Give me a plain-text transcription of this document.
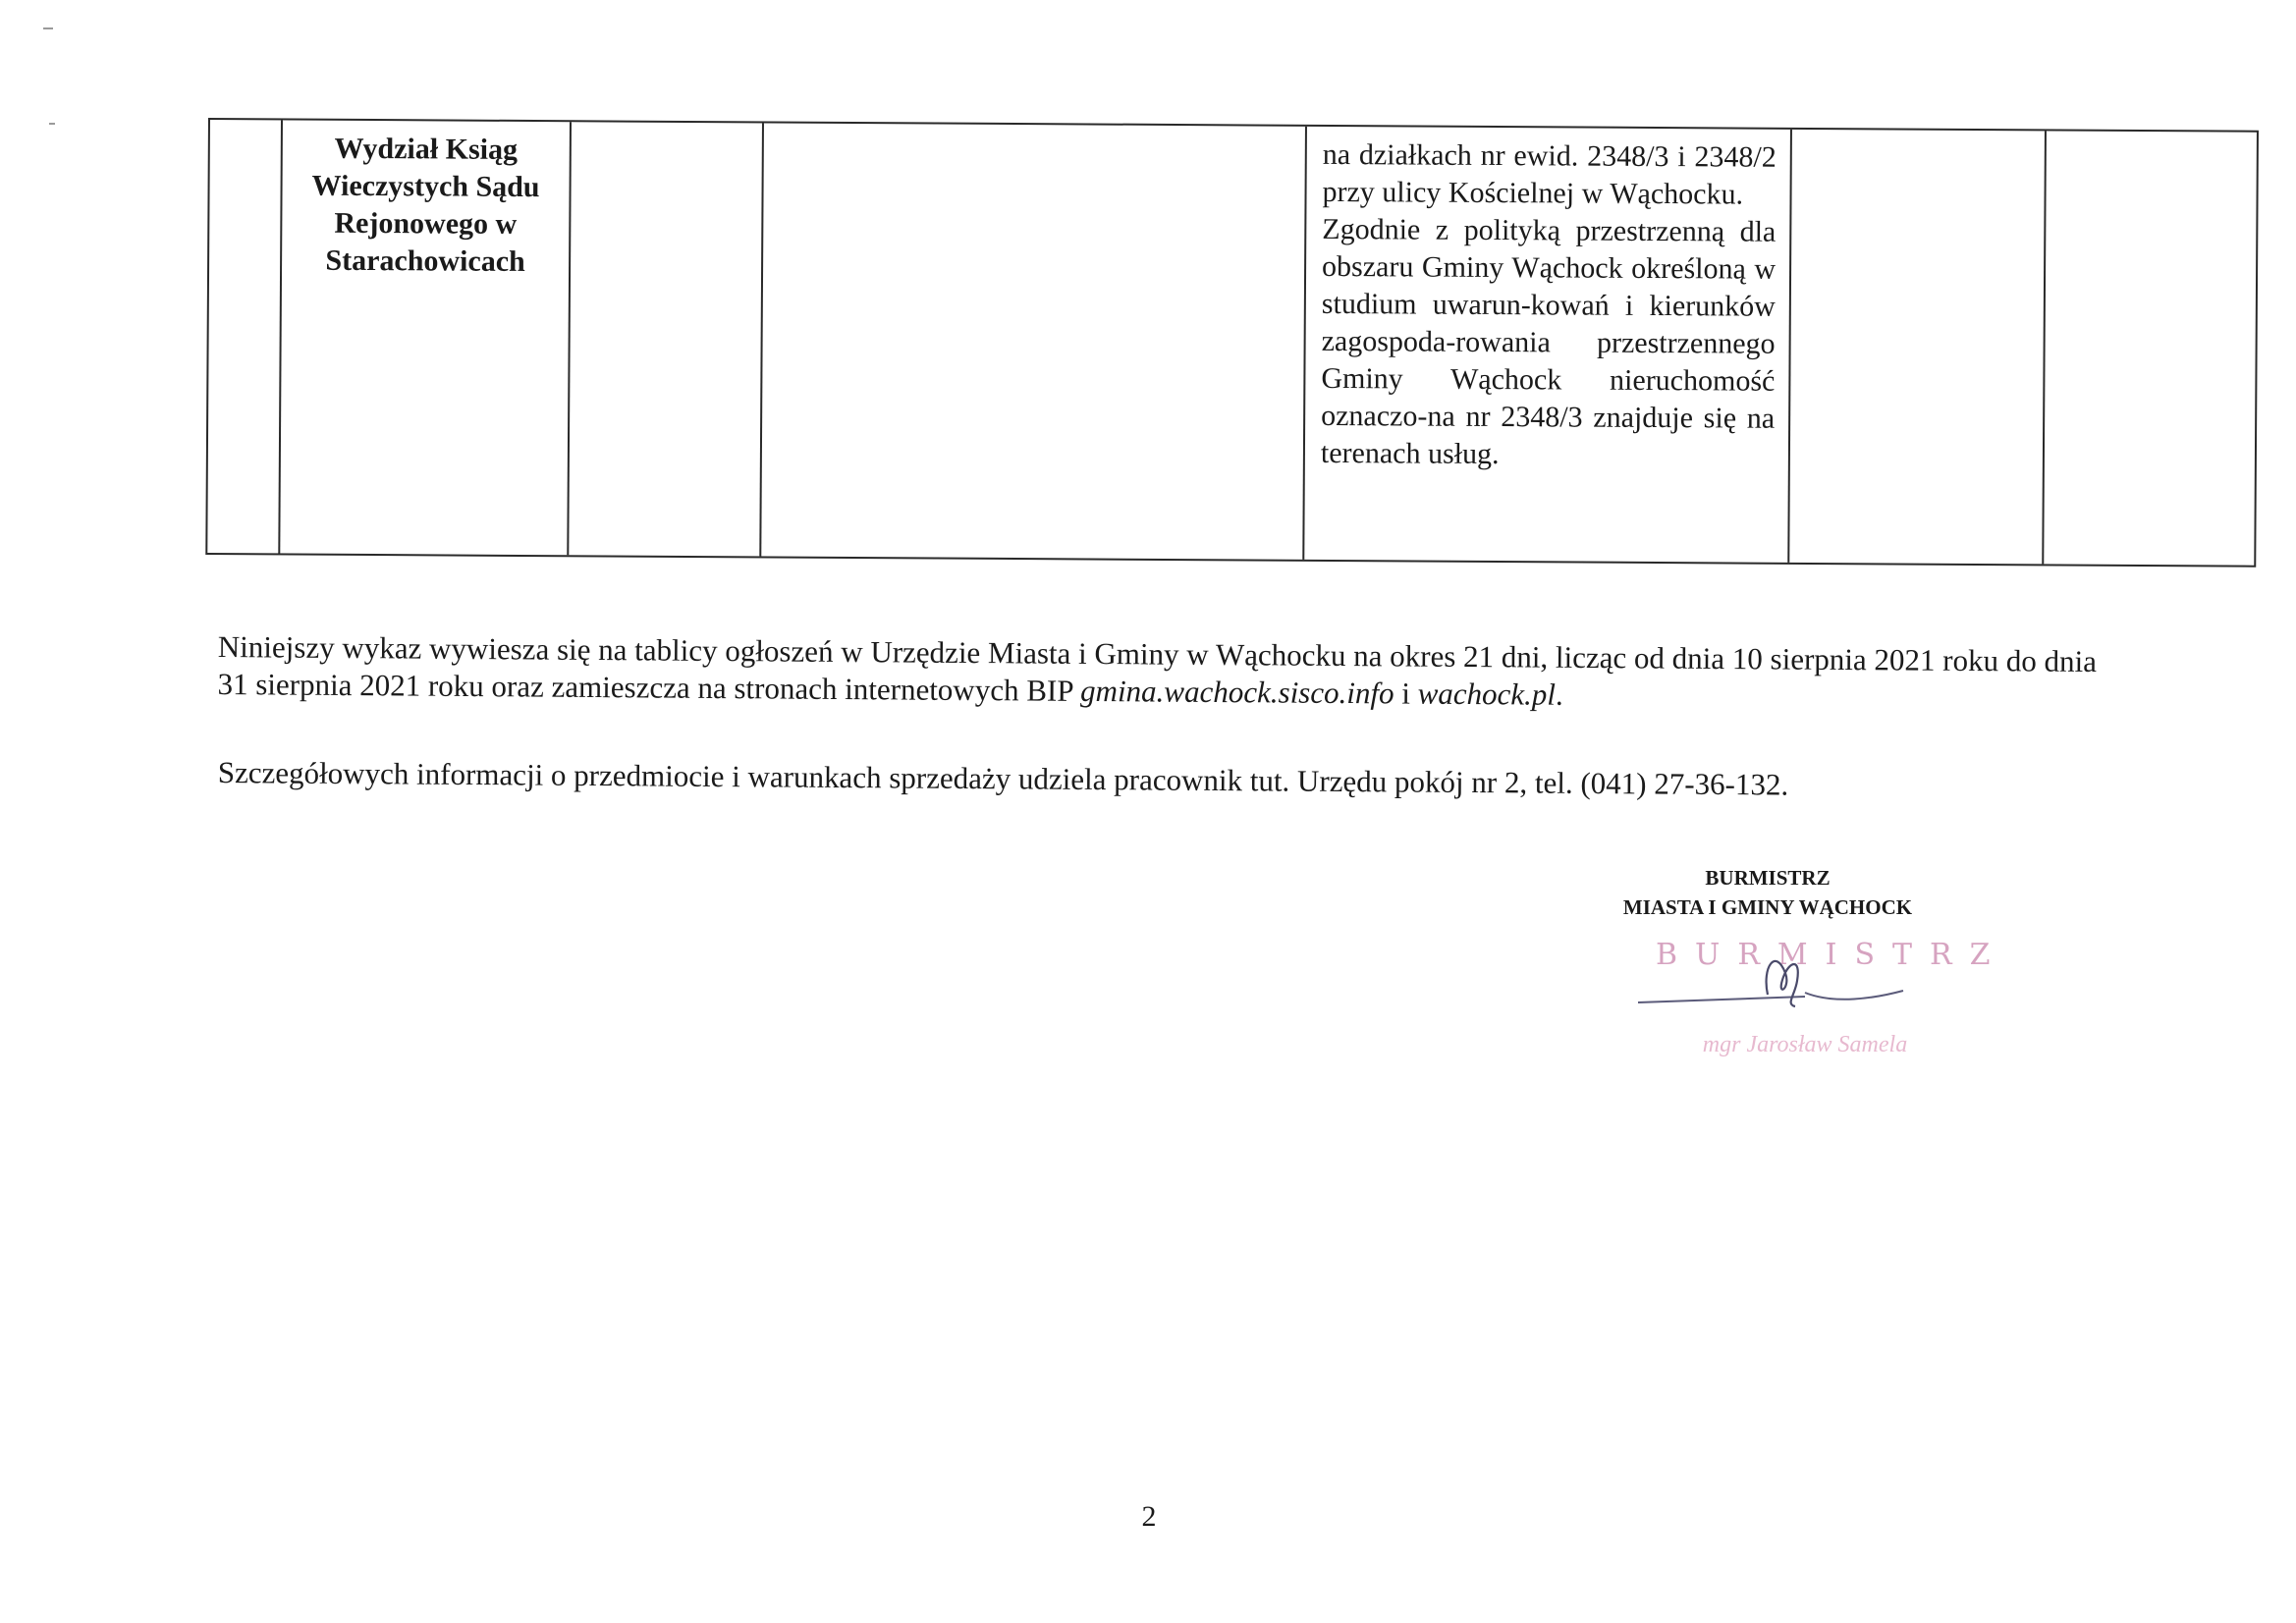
Wydział Ksiąg
Wieczystych Sądu
Rejonowego w
Starachowicach

na działkach nr ewid. 2348/3 i 2348/2 przy ulicy Kościelnej w Wąchocku.

Zgodnie z polityką przestrzenną dla obszaru Gminy Wąchock określoną w studium uwarun-kowań i kierunków zagospoda-rowania przestrzennego Gminy Wąchock nieruchomość oznaczo-na nr 2348/3 znajduje się na terenach usług.

Niniejszy wykaz wywiesza się na tablicy ogłoszeń w Urzędzie Miasta i Gminy w Wąchocku na okres 21 dni, licząc od dnia 10 sierpnia 2021 roku do dnia 31 sierpnia 2021 roku oraz zamieszcza na stronach internetowych BIP gmina.wachock.sisco.info i wachock.pl.
Szczegółowych informacji o przedmiocie i warunkach sprzedaży udziela pracownik tut. Urzędu pokój nr 2, tel. (041) 27-36-132.
BURMISTRZ
MIASTA I GMINY WĄCHOCK
BURMISTRZ
mgr Jarosław Samela
2
